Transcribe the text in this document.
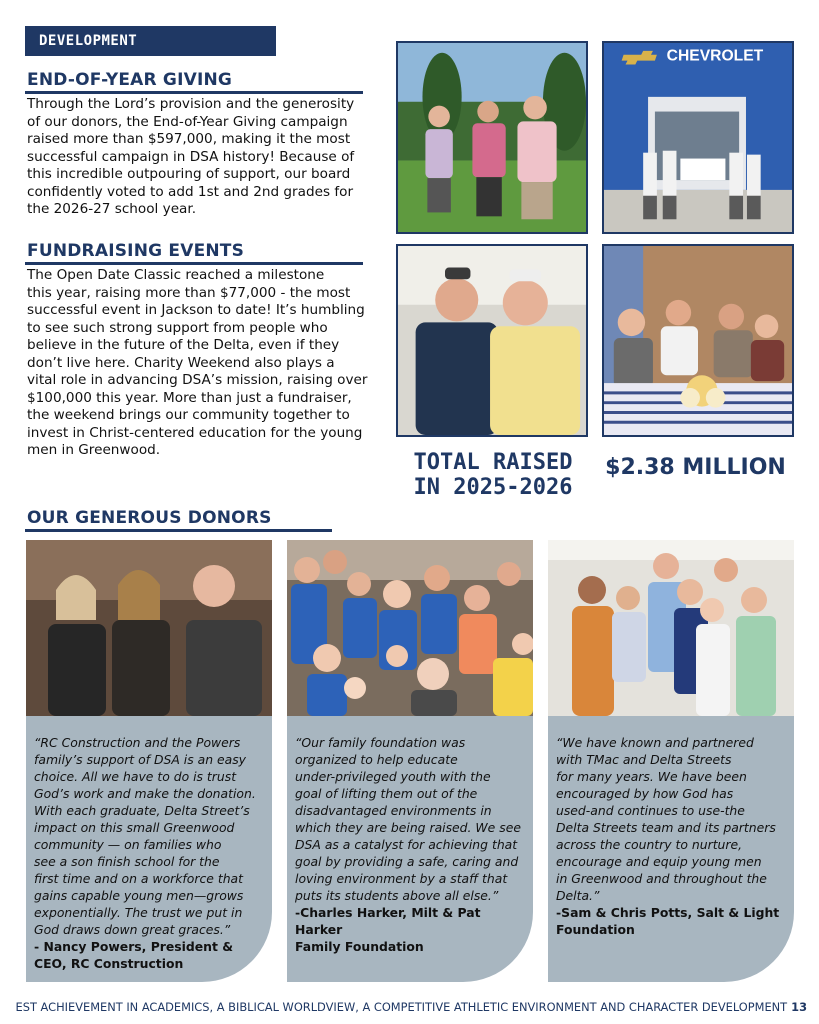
DEVELOPMENT
END-OF-YEAR GIVING
Through the Lord’s provision and the generosity
of our donors, the End-of-Year Giving campaign
raised more than $597,000, making it the most
successful campaign in DSA history! Because of
this incredible outpouring of support, our board
confidently voted to add 1st and 2nd grades for
the 2026-27 school year.
FUNDRAISING EVENTS
The Open Date Classic reached a milestone
this year, raising more than $77,000 - the most
successful event in Jackson to date! It’s humbling
to see such strong support from people who
believe in the future of the Delta, even if they
don’t live here. Charity Weekend also plays a
vital role in advancing DSA’s mission, raising over
$100,000 this year. More than just a fundraiser,
the weekend brings our community together to
invest in Christ-centered education for the young
men in Greenwood.
CHEVROLET
TOTAL RAISED
IN 2025-2026
$2.38 MILLION
OUR GENEROUS DONORS
“RC Construction and the Powers
family’s support of DSA is an easy
choice. All we have to do is trust
God’s work and make the donation.
With each graduate, Delta Street’s
impact on this small Greenwood
community — on families who
see a son finish school for the
first time and on a workforce that
gains capable young men—grows
exponentially. The trust we put in
God draws down great graces.”
- Nancy Powers, President &
CEO, RC Construction
“Our family foundation was
organized to help educate
under-privileged youth with the
goal of lifting them out of the
disadvantaged environments in
which they are being raised. We see
DSA as a catalyst for achieving that
goal by providing a safe, caring and
loving environment by a staff that
puts its students above all else.”
-Charles Harker, Milt & Pat Harker
Family Foundation
“We have known and partnered
with TMac and Delta Streets
for many years. We have been
encouraged by how God has
used-and continues to use-the
Delta Streets team and its partners
across the country to nurture,
encourage and equip young men
in Greenwood and throughout the
Delta.”
-Sam & Chris Potts, Salt & Light
Foundation
EST ACHIEVEMENT IN ACADEMICS, A BIBLICAL WORLDVIEW, A COMPETITIVE ATHLETIC ENVIRONMENT AND CHARACTER DEVELOPMENT 13
